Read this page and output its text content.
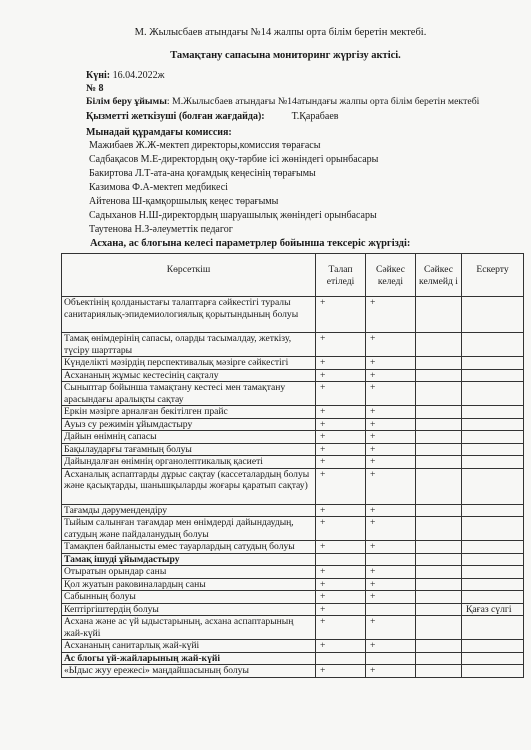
М. Жылысбаев атындағы №14 жалпы орта білім беретін мектебі.
Тамақтану сапасына мониторинг жүргізу актісі.
Күні: 16.04.2022ж
№ 8
Білім беру ұйымы: М.Жылысбаев атындағы №14атындағы жалпы орта білім беретін мектебі
Қызметті жеткізуші (болған жағдайда):	Т.Қарабаев
Мынадай құрамдағы комиссия:
Мажибаев Ж.Ж-мектеп директоры,комиссия төрағасы
Садбақасов М.Е-директордың оқу-тәрбие ісі жөніндегі орынбасары
Бакиртова Л.Т-ата-ана қоғамдық кеңесінің төрағымы
Казимова Ф.А-мектеп медбикесі
Айтенова Ш-қамқоршылық кеңес төрағымы
Садыханов Н.Ш-директордың шаруашылық жөніндегі орынбасары
Асхана, ас блогына келесі параметрлер бойынша тексеріс жүргізді:
Көрсеткіш	Талап етіледі	Сәйкес келеді	Сәйкес келмейд і	Ескерту
Объектінің қолданыстағы талаптарға сәйкестігі туралы санитариялық-эпидемиологиялық қорытындының болуы	+	+		
Тамақ өнімдерінің сапасы, оларды тасымалдау, жеткізу, түсіру шарттары	+	+		
Күнделікті мәзірдің перспективалық мәзірге сәйкестігі	+	+		
Асхананың жұмыс кестесінің сақталу	+	+		
Сыныптар бойынша тамақтану кестесі мен тамақтану арасындағы аралықты сақтау	+	+		
Еркін мәзірге арналған бекітілген прайс	+	+		
Ауыз су режимін ұйымдастыру	+	+		
Дайын өнімнің сапасы	+	+		
Бақылаударғы тағамның болуы	+	+		
Дайындалған өнімнің органолептикалық қасиеті	+	+		
Асханалық аспаптарды дұрыс сақтау (кассеталардың болуы және қасықтарды, шанышқыларды жоғары қаратып сақтау)	+	+		
Тағамды дәрумендендіру	+	+		
Тыйым салынған тағамдар мен өнімдерді дайындаудың, сатудың және пайдаланудың болуы	+	+		
Тамақпен байланысты емес тауарлардың сатудың болуы	+	+		
Тамақ ішуді ұйымдастыру				
Отыратын орындар саны	+	+		
Қол жуатын раковиналардың саны	+	+		
Сабынның болуы	+	+		
Кептіргіштердің болуы	+			Қағаз сүлгі
Асхана және ас үй ыдыстарының, асхана аспаптарының жай-күйі	+	+		
Асхананың санитарлық жай-күйі	+	+		
Ас блогы үй-жайларының жай-күйі				
«Ыдыс жуу ережесі» маңдайшасының болуы	+	+		
Таутенова Н.З-әлеуметтік педагог
